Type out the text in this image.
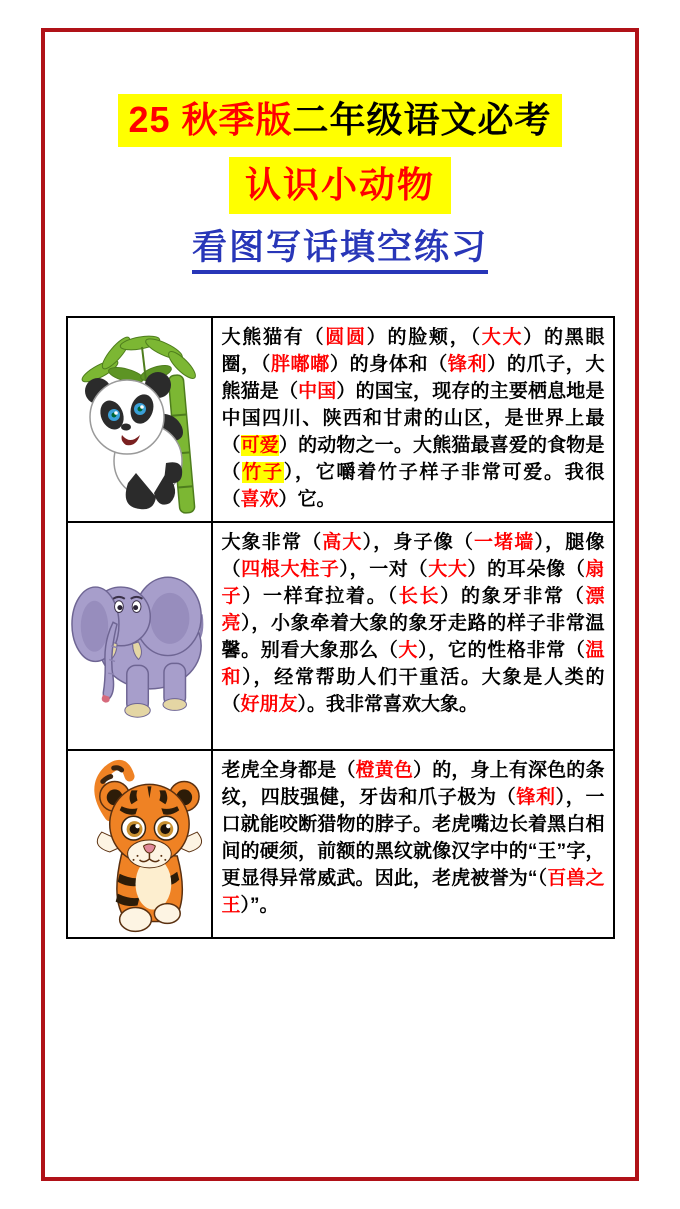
25 秋季版二年级语文必考
认识小动物
看图写话填空练习
大熊猫有（圆圆）的脸颊，（大大）的黑眼圈，（胖嘟嘟）的身体和（锋利）的爪子，大熊猫是（中国）的国宝，现存的主要栖息地是中国四川、陕西和甘肃的山区，是世界上最（可爱）的动物之一。大熊猫最喜爱的食物是（竹子），它嚼着竹子样子非常可爱。我很（喜欢）它。
大象非常（高大），身子像（一堵墙），腿像（四根大柱子），一对（大大）的耳朵像（扇子）一样耷拉着。（长长）的象牙非常（漂亮），小象牵着大象的象牙走路的样子非常温馨。别看大象那么（大），它的性格非常（温和），经常帮助人们干重活。大象是人类的（好朋友）。我非常喜欢大象。
老虎全身都是（橙黄色）的，身上有深色的条纹，四肢强健，牙齿和爪子极为（锋利），一口就能咬断猎物的脖子。老虎嘴边长着黑白相间的硬须，前额的黑纹就像汉字中的“王”字，更显得异常威武。因此，老虎被誉为“（百兽之王）”。
